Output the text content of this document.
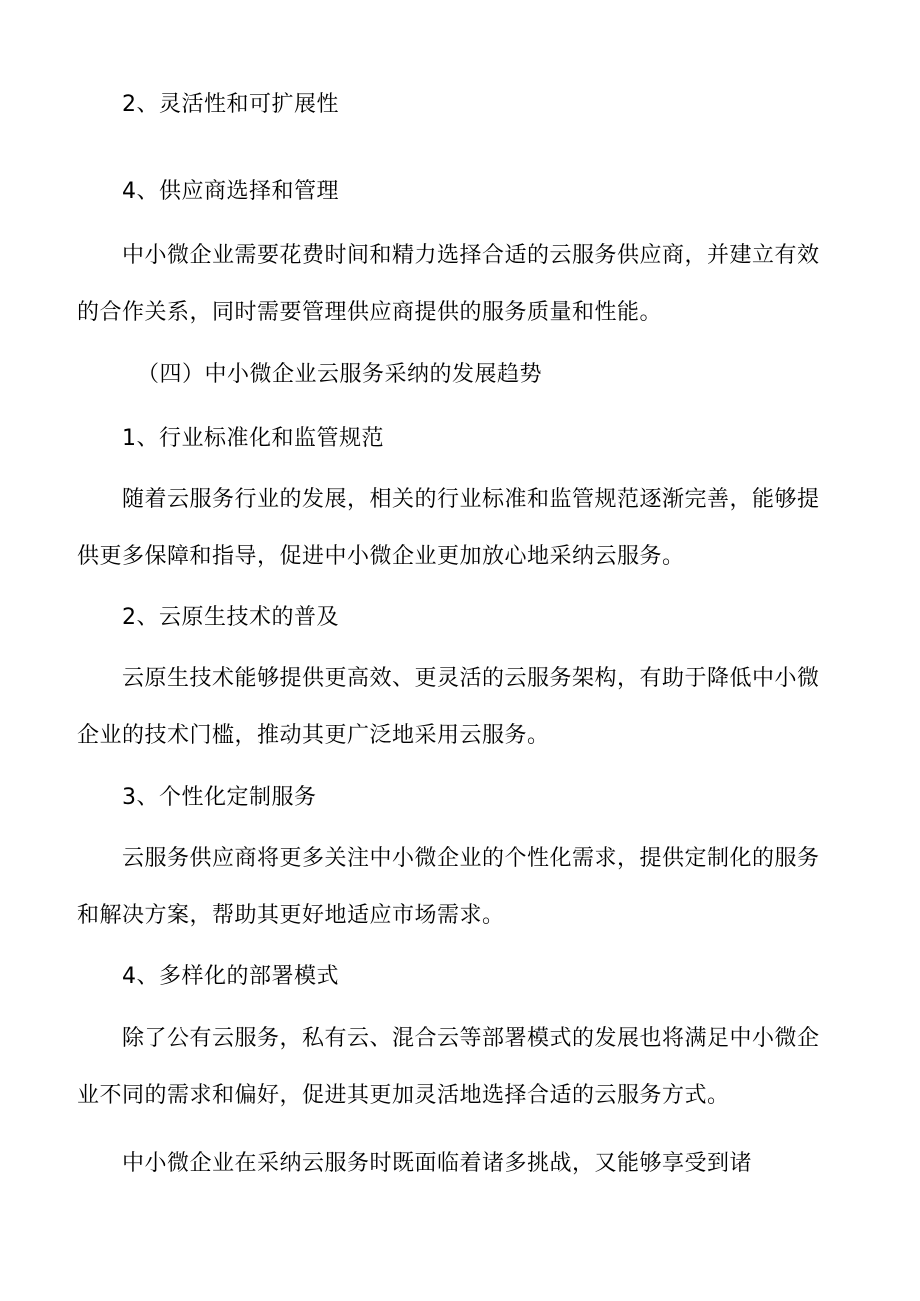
2、灵活性和可扩展性
4、供应商选择和管理
中小微企业需要花费时间和精力选择合适的云服务供应商，并建立有效
的合作关系，同时需要管理供应商提供的服务质量和性能。
（四）中小微企业云服务采纳的发展趋势
1、行业标准化和监管规范
随着云服务行业的发展，相关的行业标准和监管规范逐渐完善，能够提
供更多保障和指导，促进中小微企业更加放心地采纳云服务。
2、云原生技术的普及
云原生技术能够提供更高效、更灵活的云服务架构，有助于降低中小微
企业的技术门槛，推动其更广泛地采用云服务。
3、个性化定制服务
云服务供应商将更多关注中小微企业的个性化需求，提供定制化的服务
和解决方案，帮助其更好地适应市场需求。
4、多样化的部署模式
除了公有云服务，私有云、混合云等部署模式的发展也将满足中小微企
业不同的需求和偏好，促进其更加灵活地选择合适的云服务方式。
中小微企业在采纳云服务时既面临着诸多挑战，又能够享受到诸
